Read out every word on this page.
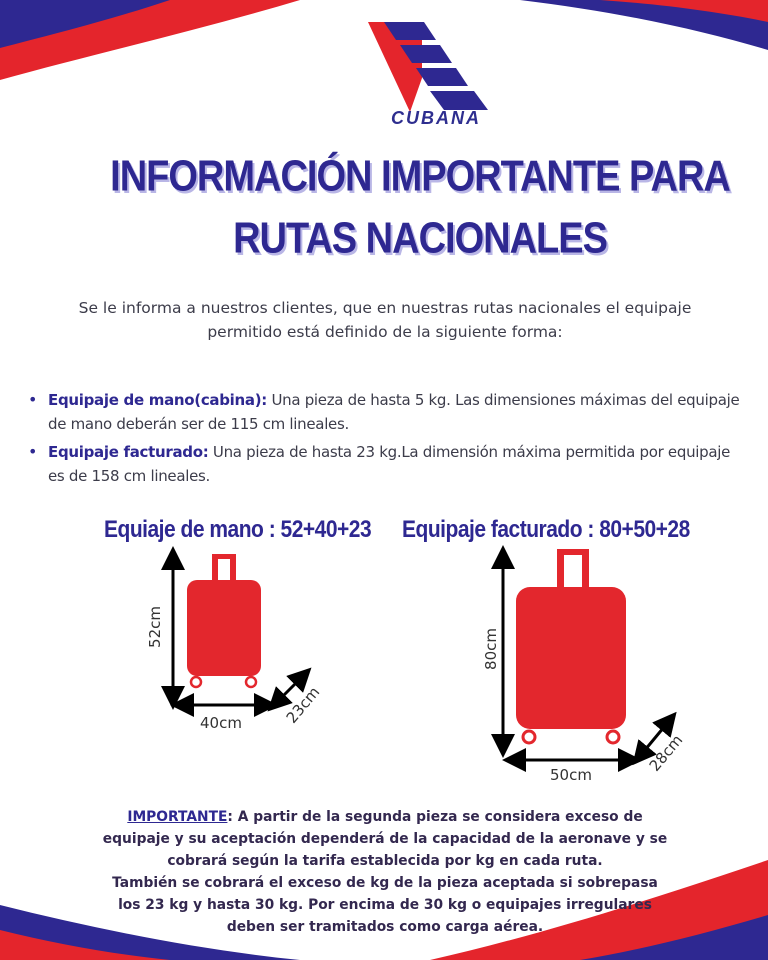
CUBANA
INFORMACIÓN IMPORTANTE PARA
RUTAS NACIONALES
Se le informa a nuestros clientes, que en nuestras rutas nacionales el equipaje
permitido está definido de la siguiente forma:
• Equipaje de mano(cabina): Una pieza de hasta 5 kg. Las dimensiones máximas del equipaje de mano deberán ser de 115 cm lineales.
• Equipaje facturado: Una pieza de hasta 23 kg.La dimensión máxima permitida por equipaje es de 158 cm lineales.
Equiaje de mano : 52+40+23 Equipaje facturado : 80+50+28
52cm
40cm	23cm
80cm
50cm
28cm
IMPORTANTE: A partir de la segunda pieza se considera exceso de
equipaje y su aceptación dependerá de la capacidad de la aeronave y se
cobrará según la tarifa establecida por kg en cada ruta.
También se cobrará el exceso de kg de la pieza aceptada si sobrepasa
los 23 kg y hasta 30 kg. Por encima de 30 kg o equipajes irregulares
deben ser tramitados como carga aérea.
